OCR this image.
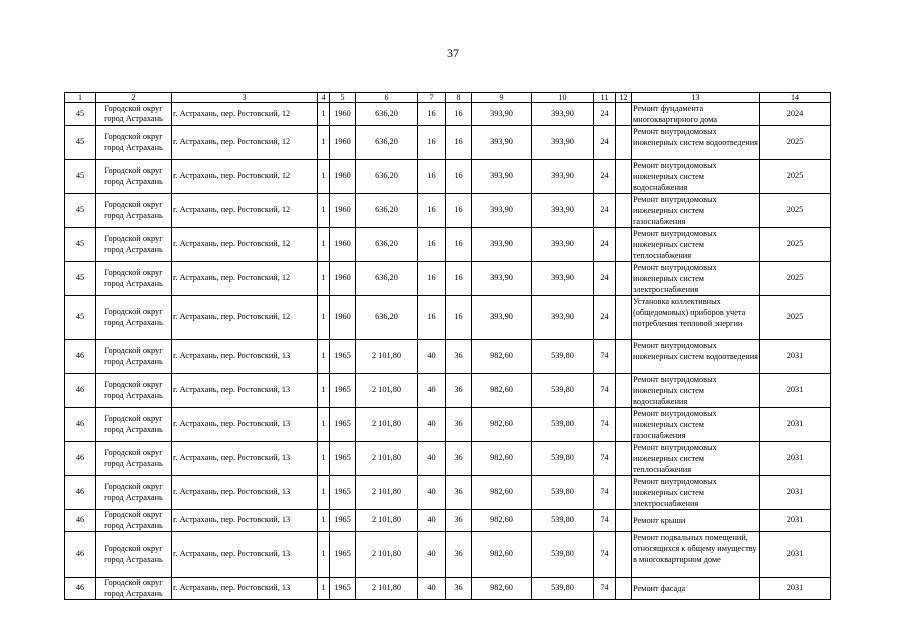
37
1	2	3	4	5	6	7	8	9	10	11	12	13	14
45	Городской округ город Астрахань	г. Астрахань, пер. Ростовский, 12	1	1960	636,20	16	16	393,90	393,90	24		Ремонт фундамента многоквартирного дома	2024
45	Городской округ город Астрахань	г. Астрахань, пер. Ростовский, 12	1	1960	636,20	16	16	393,90	393,90	24		Ремонт внутридомовых инженерных систем водоотведения	2025
45	Городской округ город Астрахань	г. Астрахань, пер. Ростовский, 12	1	1960	636,20	16	16	393,90	393,90	24		Ремонт внутридомовых инженерных систем водоснабжения	2025
45	Городской округ город Астрахань	г. Астрахань, пер. Ростовский, 12	1	1960	636,20	16	16	393,90	393,90	24		Ремонт внутридомовых инженерных систем газоснабжения	2025
45	Городской округ город Астрахань	г. Астрахань, пер. Ростовский, 12	1	1960	636,20	16	16	393,90	393,90	24		Ремонт внутридомовых инженерных систем теплоснабжения	2025
45	Городской округ город Астрахань	г. Астрахань, пер. Ростовский, 12	1	1960	636,20	16	16	393,90	393,90	24		Ремонт внутридомовых инженерных систем электроснабжения	2025
45	Городской округ город Астрахань	г. Астрахань, пер. Ростовский, 12	1	1960	636,20	16	16	393,90	393,90	24		Установка коллективных (общедомовых) приборов учета потребления тепловой энергии	2025
46	Городской округ город Астрахань	г. Астрахань, пер. Ростовский, 13	1	1965	2 101,80	40	36	982,60	539,80	74		Ремонт внутридомовых инженерных систем водоотведения	2031
46	Городской округ город Астрахань	г. Астрахань, пер. Ростовский, 13	1	1965	2 101,80	40	36	982,60	539,80	74		Ремонт внутридомовых инженерных систем водоснабжения	2031
46	Городской округ город Астрахань	г. Астрахань, пер. Ростовский, 13	1	1965	2 101,80	40	36	982,60	539,80	74		Ремонт внутридомовых инженерных систем газоснабжения	2031
46	Городской округ город Астрахань	г. Астрахань, пер. Ростовский, 13	1	1965	2 101,80	40	36	982,60	539,80	74		Ремонт внутридомовых инженерных систем теплоснабжения	2031
46	Городской округ город Астрахань	г. Астрахань, пер. Ростовский, 13	1	1965	2 101,80	40	36	982,60	539,80	74		Ремонт внутридомовых инженерных систем электроснабжения	2031
46	Городской округ город Астрахань	г. Астрахань, пер. Ростовский, 13	1	1965	2 101,80	40	36	982,60	539,80	74		Ремонт крыши	2031
46	Городской округ город Астрахань	г. Астрахань, пер. Ростовский, 13	1	1965	2 101,80	40	36	982,60	539,80	74		Ремонт подвальных помещений, относящихся к общему имуществу в многоквартирном доме	2031
46	Городской округ город Астрахань	г. Астрахань, пер. Ростовский, 13	1	1965	2 101,80	40	36	982,60	539,80	74		Ремонт фасада	2031
